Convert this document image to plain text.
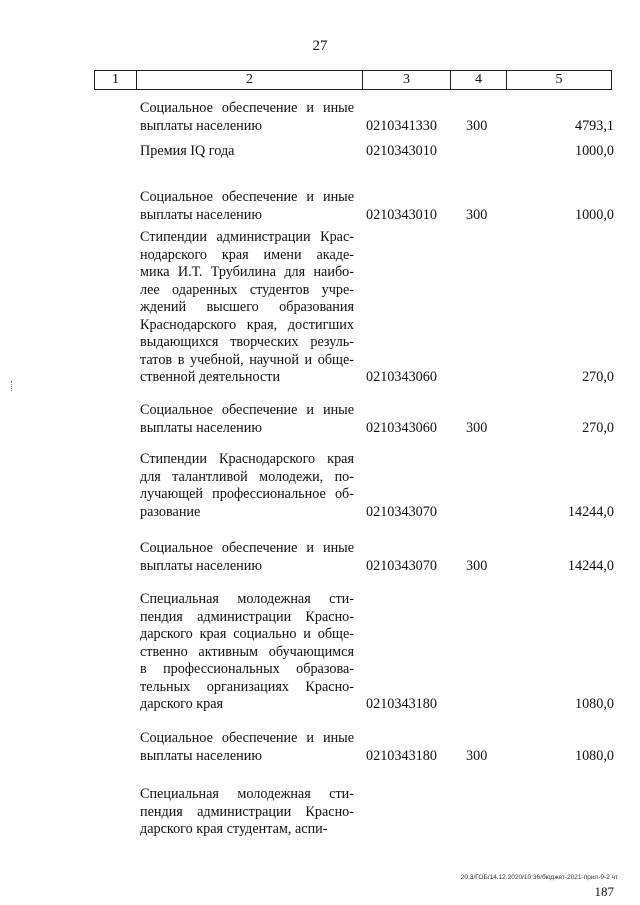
27
1	2	3	4	5
Социальное обеспечение и иные
выплаты населению	0210341330 300	4793,1
Премия IQ года	0210343010	1000,0
Социальное обеспечение и иные
выплаты населению	0210343010 300	1000,0
Стипендии администрации Крас-
нодарского края имени акаде-
мика И.Т. Трубилина для наибо-
лее одаренных студентов учре-
ждений высшего образования
Краснодарского края, достигших
выдающихся творческих резуль-
татов в учебной, научной и обще-
ственной деятельности	0210343060	270,0
Социальное обеспечение и иные
выплаты населению	0210343060 300	270,0
Стипендии Краснодарского края
для талантливой молодежи, по-
лучающей профессиональное об-
разование	0210343070	14244,0
Социальное обеспечение и иные
выплаты населению	0210343070 300	14244,0
Специальная молодежная сти-
пендия администрации Красно-
дарского края социально и обще-
ственно активным обучающимся
в профессиональных образова-
тельных организациях Красно-
дарского края	0210343180	1080,0
Социальное обеспечение и иные
выплаты населению	0210343180 300	1080,0
Специальная молодежная сти-
пендия администрации Красно-
дарского края студентам, аспи-
20.3/ГОБ/14.12.2020/10:36/бюджет-2021-прил-9-2 чт
187
